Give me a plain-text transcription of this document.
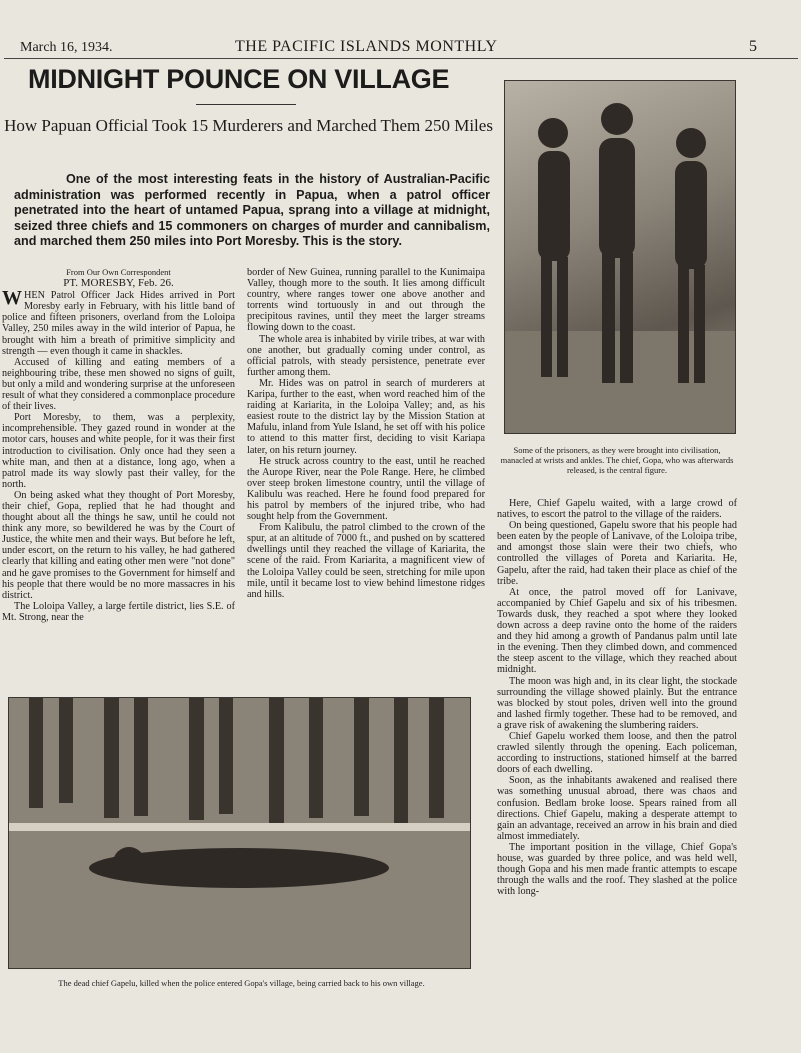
March 16, 1934.	THE PACIFIC ISLANDS MONTHLY	5
MIDNIGHT POUNCE ON VILLAGE
How Papuan Official Took 15 Murderers and Marched Them 250 Miles
One of the most interesting feats in the history of Australian-Pacific administration was performed recently in Papua, when a patrol officer penetrated into the heart of untamed Papua, sprang into a village at midnight, seized three chiefs and 15 commoners on charges of murder and cannibalism, and marched them 250 miles into Port Moresby. This is the story.
Some of the prisoners, as they were brought into civilisation, manacled at wrists and ankles. The chief, Gopa, who was afterwards released, is the central figure.

From Our Own Correspondent

PT. MORESBY, Feb. 26.

WHEN Patrol Officer Jack Hides arrived in Port Moresby early in February, with his little band of police and fifteen prisoners, overland from the Loloipa Valley, 250 miles away in the wild interior of Papua, he brought with him a breath of primitive simplicity and strength — even though it came in shackles.

Accused of killing and eating members of a neighbouring tribe, these men showed no signs of guilt, but only a mild and wondering surprise at the unforeseen result of what they considered a commonplace procedure of their lives.

Port Moresby, to them, was a perplexity, incomprehensible. They gazed round in wonder at the motor cars, houses and white people, for it was their first introduction to civilisation. Only once had they seen a white man, and then at a distance, long ago, when a patrol made its way slowly past their valley, for the north.

On being asked what they thought of Port Moresby, their chief, Gopa, replied that he had thought and thought about all the things he saw, until he could not think any more, so bewildered he was by the Court of Justice, the white men and their ways. But before he left, under escort, on the return to his valley, he had gathered clearly that killing and eating other men were "not done" and he gave promises to the Government for himself and his people that there would be no more massacres in his district.

The Loloipa Valley, a large fertile district, lies S.E. of Mt. Strong, near the

border of New Guinea, running parallel to the Kunimaipa Valley, though more to the south. It lies among difficult country, where ranges tower one above another and torrents wind tortuously in and out through the precipitous ravines, until they meet the larger streams flowing down to the coast.

The whole area is inhabited by virile tribes, at war with one another, but gradually coming under control, as official patrols, with steady persistence, penetrate ever further among them.

Mr. Hides was on patrol in search of murderers at Karipa, further to the east, when word reached him of the raiding at Kariarita, in the Loloipa Valley; and, as his easiest route to the district lay by the Mission Station at Mafulu, inland from Yule Island, he set off with his police to attend to this matter first, deciding to visit Kariapa later, on his return journey.

He struck across country to the east, until he reached the Aurope River, near the Pole Range. Here, he climbed over steep broken limestone country, until the village of Kalibulu was reached. Here he found food prepared for his patrol by members of the injured tribe, who had sought help from the Government.

From Kalibulu, the patrol climbed to the crown of the spur, at an altitude of 7000 ft., and pushed on by scattered dwellings until they reached the village of Kariarita, the scene of the raid. From Kariarita, a magnificent view of the Loloipa Valley could be seen, stretching for mile upon mile, until it became lost to view behind limestone ridges and hills.

Here, Chief Gapelu waited, with a large crowd of natives, to escort the patrol to the village of the raiders.

On being questioned, Gapelu swore that his people had been eaten by the people of Lanivave, of the Loloipa tribe, and amongst those slain were their two chiefs, who controlled the villages of Poreta and Kariarita. He, Gapelu, after the raid, had taken their place as chief of the tribe.

At once, the patrol moved off for Lanivave, accompanied by Chief Gapelu and six of his tribesmen. Towards dusk, they reached a spot where they looked down across a deep ravine onto the home of the raiders and they hid among a growth of Pandanus palm until late in the evening. Then they climbed down, and commenced the steep ascent to the village, which they reached about midnight.

The moon was high and, in its clear light, the stockade surrounding the village showed plainly. But the entrance was blocked by stout poles, driven well into the ground and lashed firmly together. These had to be removed, and a grave risk of awakening the slumbering raiders.

Chief Gapelu worked them loose, and then the patrol crawled silently through the opening. Each policeman, according to instructions, stationed himself at the barred doors of each dwelling.

Soon, as the inhabitants awakened and realised there was something unusual abroad, there was chaos and confusion. Bedlam broke loose. Spears rained from all directions. Chief Gapelu, making a desperate attempt to gain an advantage, received an arrow in his brain and died almost immediately.

The important position in the village, Chief Gopa's house, was guarded by three police, and was held well, though Gopa and his men made frantic attempts to escape through the walls and the roof. They slashed at the police with long-

The dead chief Gapelu, killed when the police entered Gopa's village, being carried back to his own village.
